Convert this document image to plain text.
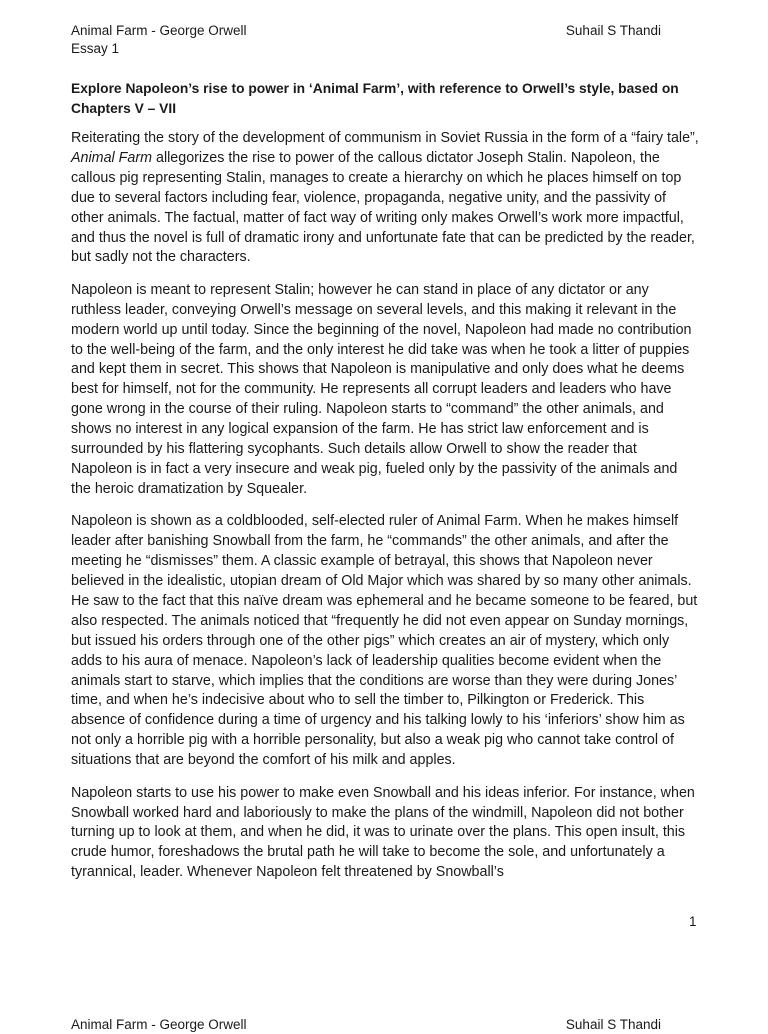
Animal Farm - George Orwell	Suhail S Thandi
Essay 1
Explore Napoleon’s rise to power in ‘Animal Farm’, with reference to Orwell’s style, based on Chapters V – VII

Reiterating the story of the development of communism in Soviet Russia in the form of a “fairy tale”, Animal Farm allegorizes the rise to power of the callous dictator Joseph Stalin. Napoleon, the callous pig representing Stalin, manages to create a hierarchy on which he places himself on top due to several factors including fear, violence, propaganda, negative unity, and the passivity of other animals. The factual, matter of fact way of writing only makes Orwell’s work more impactful, and thus the novel is full of dramatic irony and unfortunate fate that can be predicted by the reader, but sadly not the characters.

Napoleon is meant to represent Stalin; however he can stand in place of any dictator or any ruthless leader, conveying Orwell’s message on several levels, and this making it relevant in the modern world up until today. Since the beginning of the novel, Napoleon had made no contribution to the well-being of the farm, and the only interest he did take was when he took a litter of puppies and kept them in secret. This shows that Napoleon is manipulative and only does what he deems best for himself, not for the community. He represents all corrupt leaders and leaders who have gone wrong in the course of their ruling. Napoleon starts to “command” the other animals, and shows no interest in any logical expansion of the farm. He has strict law enforcement and is surrounded by his flattering sycophants. Such details allow Orwell to show the reader that Napoleon is in fact a very insecure and weak pig, fueled only by the passivity of the animals and the heroic dramatization by Squealer.

Napoleon is shown as a coldblooded, self-elected ruler of Animal Farm. When he makes himself leader after banishing Snowball from the farm, he “commands” the other animals, and after the meeting he “dismisses” them. A classic example of betrayal, this shows that Napoleon never believed in the idealistic, utopian dream of Old Major which was shared by so many other animals. He saw to the fact that this naïve dream was ephemeral and he became someone to be feared, but also respected. The animals noticed that “frequently he did not even appear on Sunday mornings, but issued his orders through one of the other pigs” which creates an air of mystery, which only adds to his aura of menace. Napoleon’s lack of leadership qualities become evident when the animals start to starve, which implies that the conditions are worse than they were during Jones’ time, and when he’s indecisive about who to sell the timber to, Pilkington or Frederick. This absence of confidence during a time of urgency and his talking lowly to his ‘inferiors’ show him as not only a horrible pig with a horrible personality, but also a weak pig who cannot take control of situations that are beyond the comfort of his milk and apples.

Napoleon starts to use his power to make even Snowball and his ideas inferior. For instance, when Snowball worked hard and laboriously to make the plans of the windmill, Napoleon did not bother turning up to look at them, and when he did, it was to urinate over the plans. This open insult, this crude humor, foreshadows the brutal path he will take to become the sole, and unfortunately a tyrannical, leader. Whenever Napoleon felt threatened by Snowball’s

1
Animal Farm - George Orwell	Suhail S Thandi
